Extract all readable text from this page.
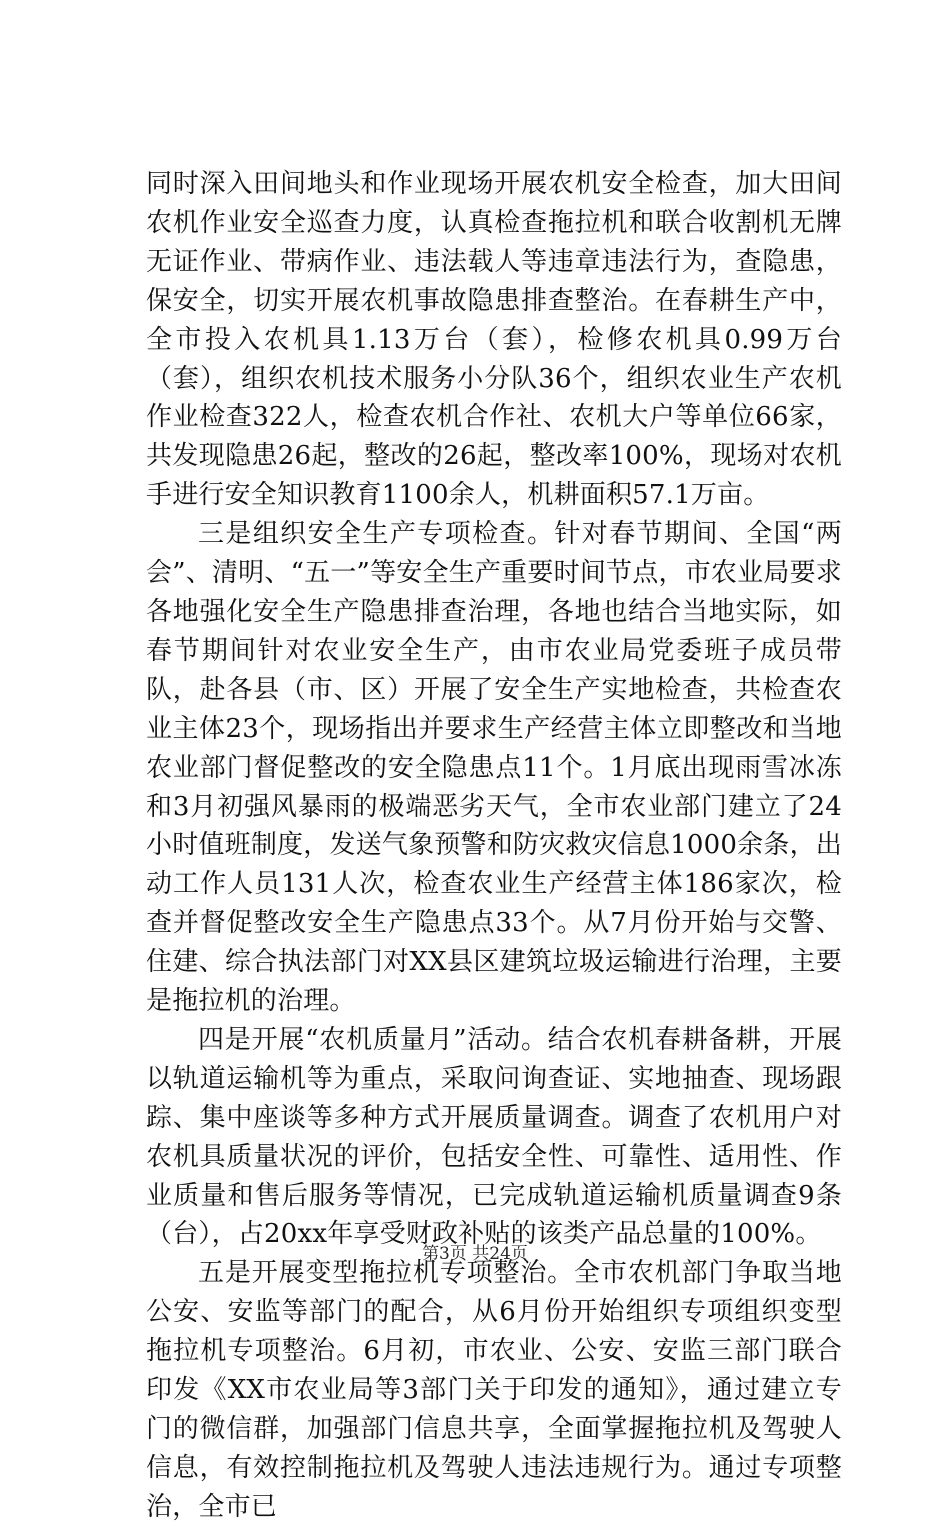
同时深入田间地头和作业现场开展农机安全检查，加大田间农机作业安全巡查力度，认真检查拖拉机和联合收割机无牌无证作业、带病作业、违法载人等违章违法行为，查隐患，保安全，切实开展农机事故隐患排查整治。在春耕生产中，全市投入农机具1.13万台（套），检修农机具0.99万台（套），组织农机技术服务小分队36个，组织农业生产农机作业检查322人，检查农机合作社、农机大户等单位66家，共发现隐患26起，整改的26起，整改率100%，现场对农机手进行安全知识教育1100余人，机耕面积57.1万亩。

三是组织安全生产专项检查。针对春节期间、全国“两会”、清明、“五一”等安全生产重要时间节点，市农业局要求各地强化安全生产隐患排查治理，各地也结合当地实际，如春节期间针对农业安全生产，由市农业局党委班子成员带队，赴各县（市、区）开展了安全生产实地检查，共检查农业主体23个，现场指出并要求生产经营主体立即整改和当地农业部门督促整改的安全隐患点11个。1月底出现雨雪冰冻和3月初强风暴雨的极端恶劣天气，全市农业部门建立了24小时值班制度，发送气象预警和防灾救灾信息1000余条，出动工作人员131人次，检查农业生产经营主体186家次，检查并督促整改安全生产隐患点33个。从7月份开始与交警、住建、综合执法部门对XX县区建筑垃圾运输进行治理，主要是拖拉机的治理。

四是开展“农机质量月”活动。结合农机春耕备耕，开展以轨道运输机等为重点，采取问询查证、实地抽查、现场跟踪、集中座谈等多种方式开展质量调查。调查了农机用户对农机具质量状况的评价，包括安全性、可靠性、适用性、作业质量和售后服务等情况，已完成轨道运输机质量调查9条（台），占20xx年享受财政补贴的该类产品总量的100%。

五是开展变型拖拉机专项整治。全市农机部门争取当地公安、安监等部门的配合，从6月份开始组织专项组织变型拖拉机专项整治。6月初，市农业、公安、安监三部门联合印发《XX市农业局等3部门关于印发的通知》，通过建立专门的微信群，加强部门信息共享，全面掌握拖拉机及驾驶人信息，有效控制拖拉机及驾驶人违法违规行为。通过专项整治，全市已

第3页 共24页
